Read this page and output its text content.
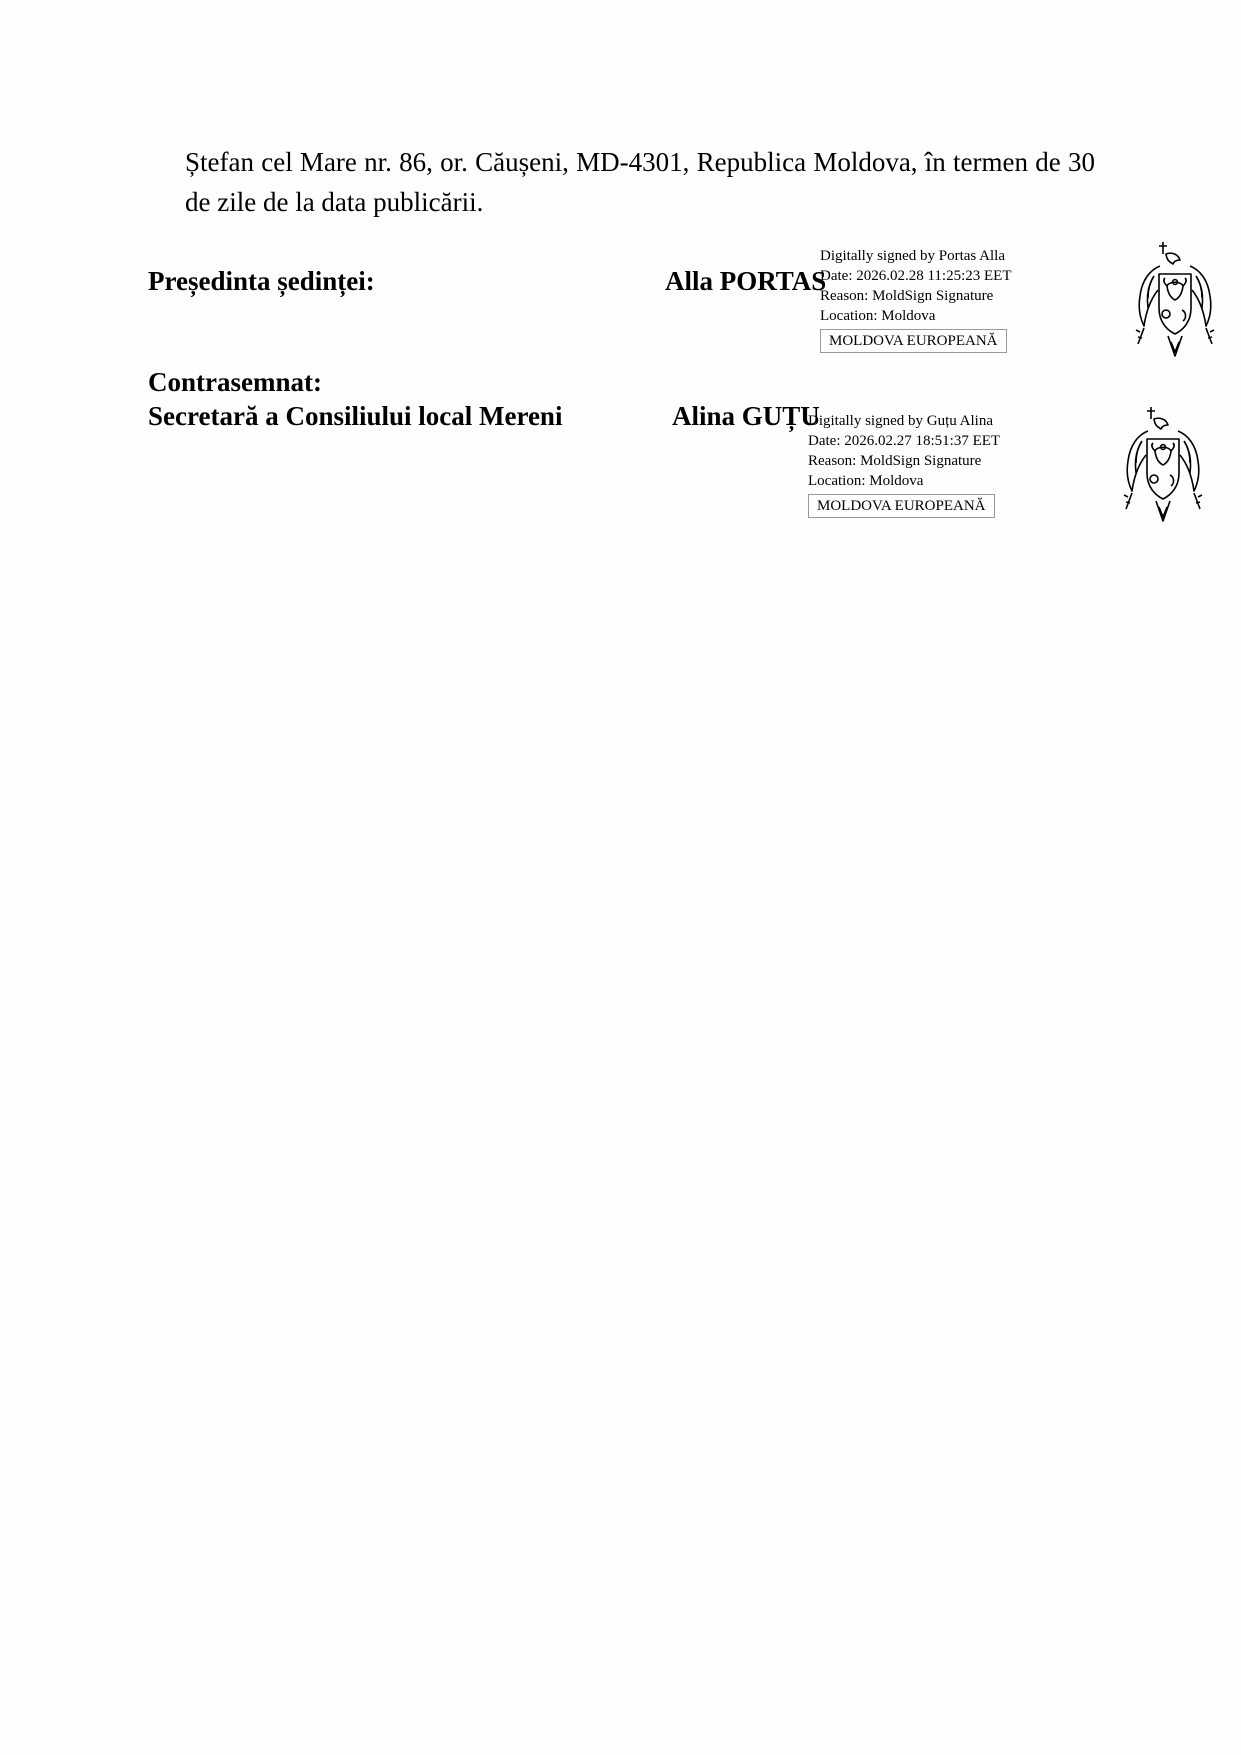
Ștefan cel Mare nr. 86, or. Căușeni, MD-4301, Republica Moldova, în termen de 30 de zile de la data publicării.

Președinta ședinței:	Alla PORTAS
Contrasemnat:
Secretară a Consiliului local Mereni	Alina GUȚU
Digitally signed by Portas Alla
Date: 2026.02.28 11:25:23 EET
Reason: MoldSign Signature
Location: Moldova
MOLDOVA EUROPEANĂ
Digitally signed by Guțu Alina
Date: 2026.02.27 18:51:37 EET
Reason: MoldSign Signature
Location: Moldova
MOLDOVA EUROPEANĂ
